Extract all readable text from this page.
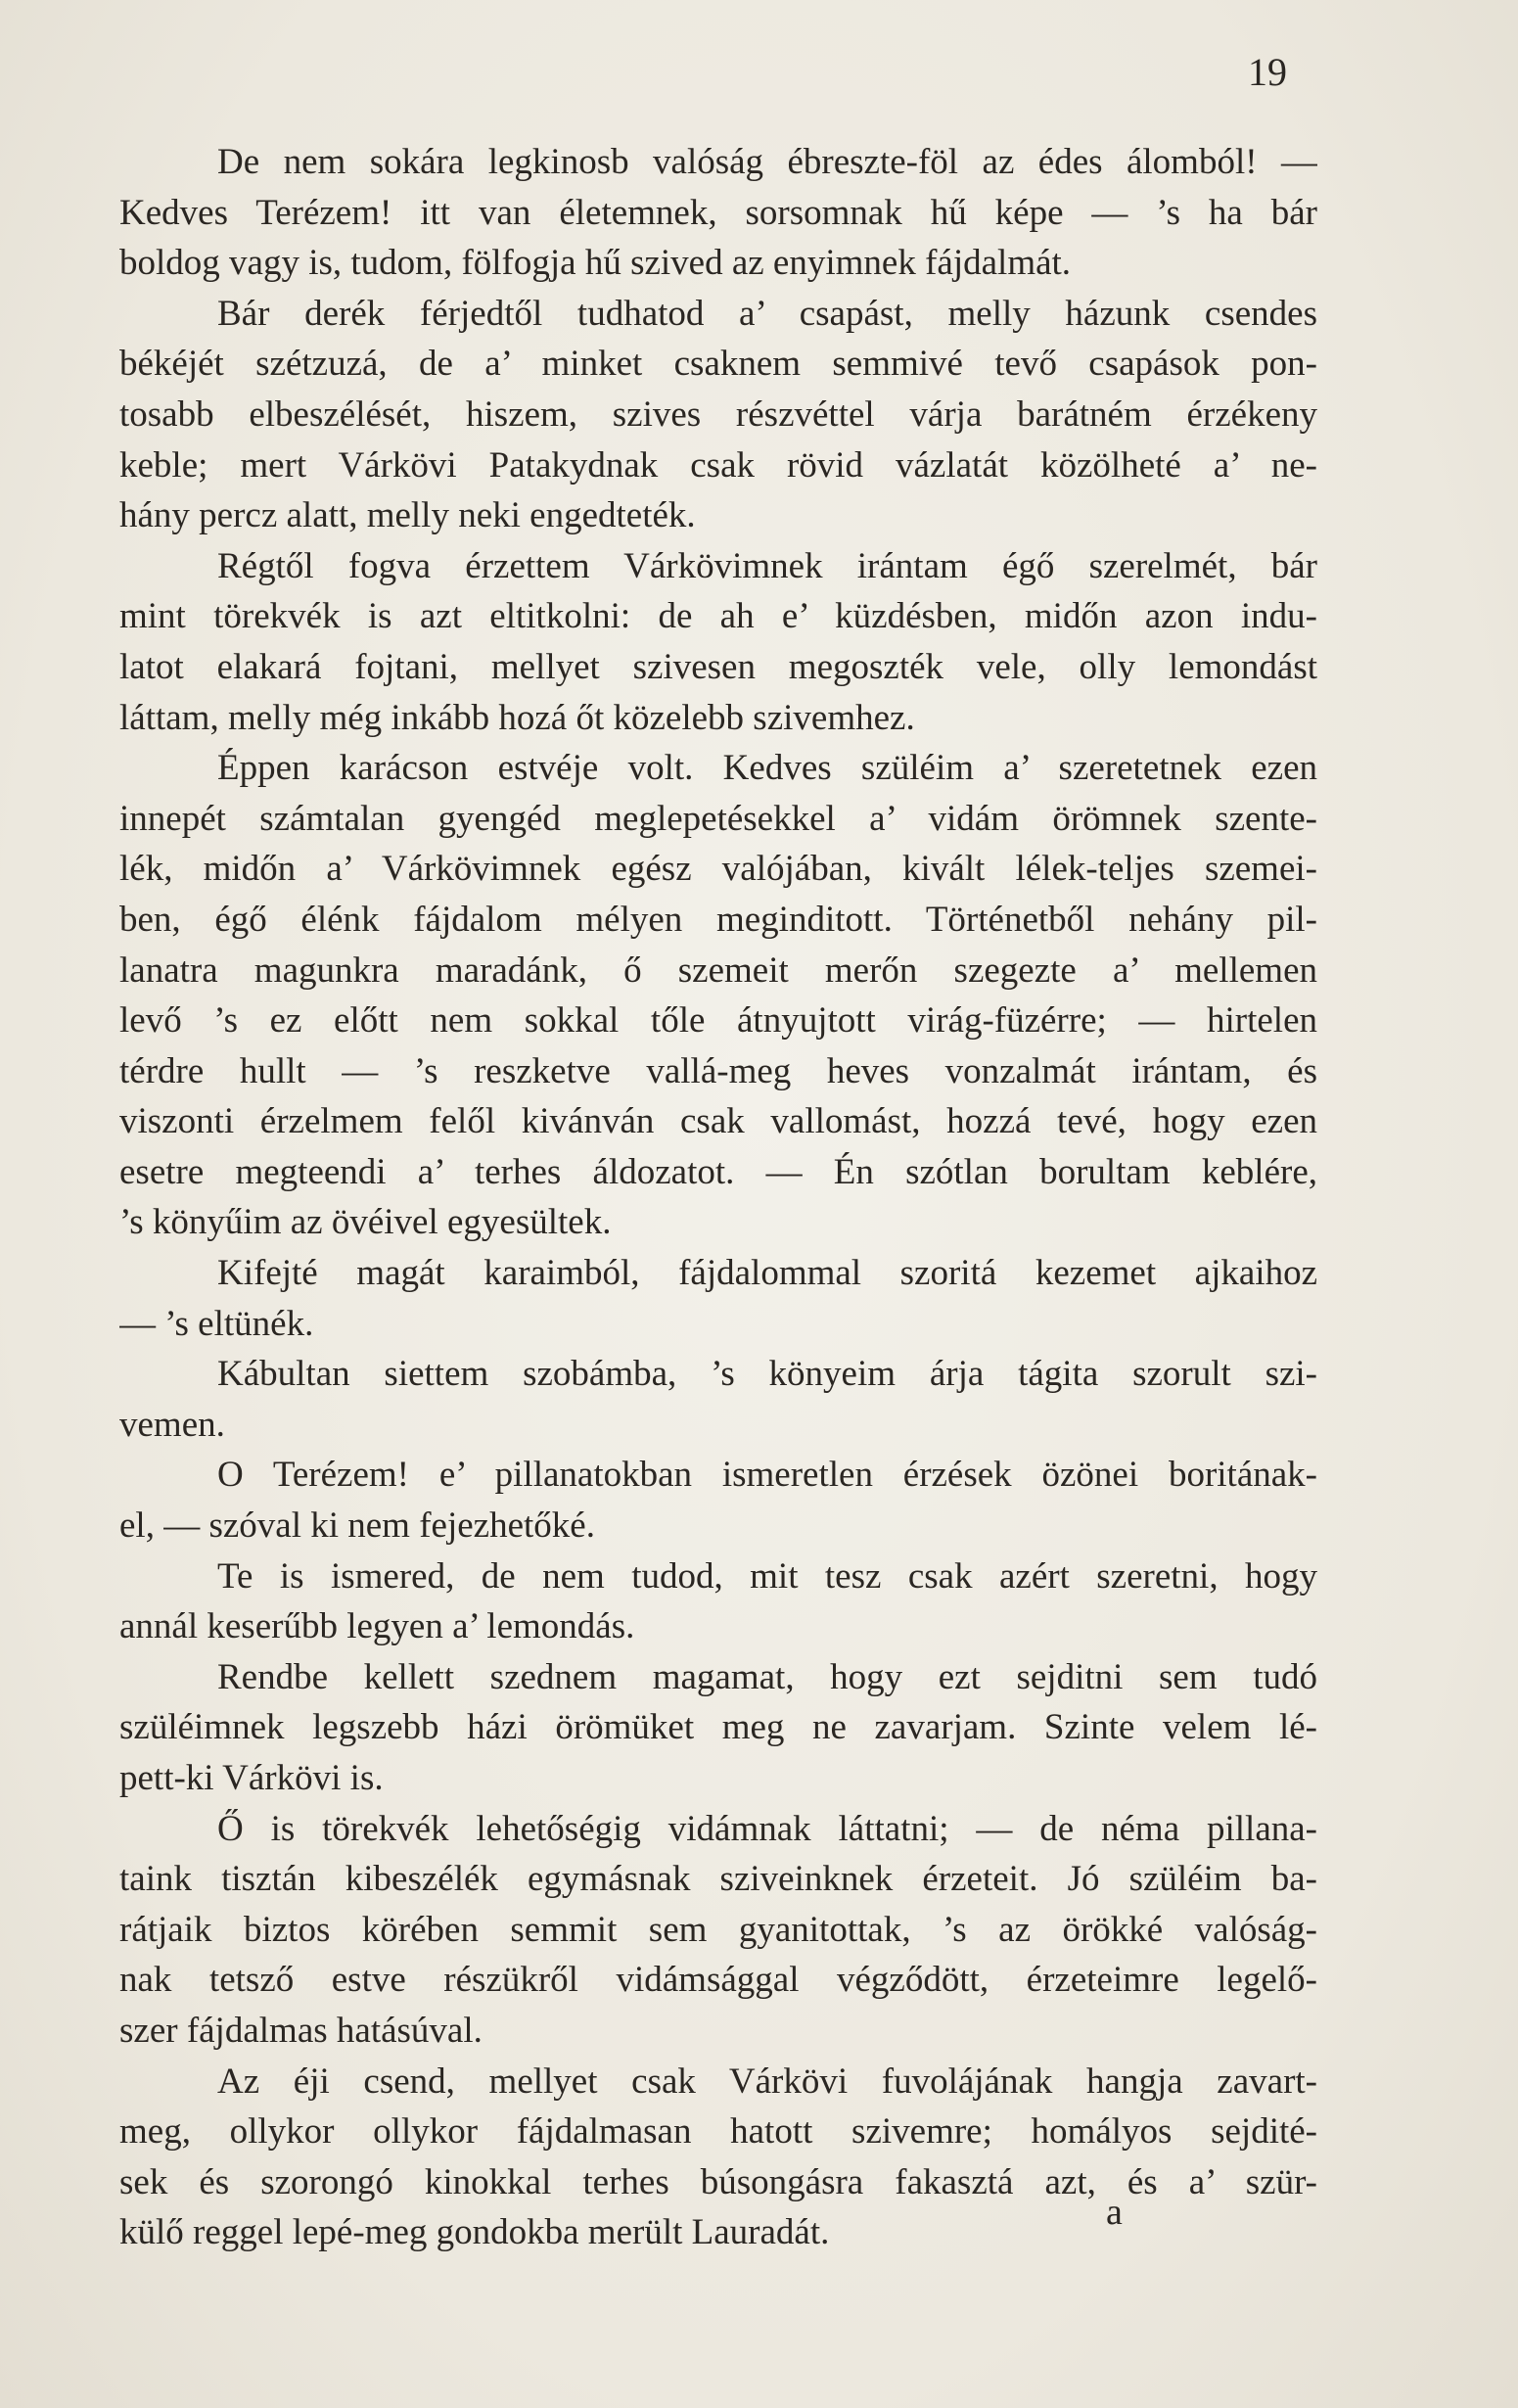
19
De nem sokára legkinosb valóság ébreszte-föl az édes álomból! —
Kedves Terézem! itt van életemnek, sorsomnak hű képe — ’s ha bár
boldog vagy is, tudom, fölfogja hű szived az enyimnek fájdalmát.
Bár derék férjedtől tudhatod a’ csapást, melly házunk csendes
békéjét szétzuzá, de a’ minket csaknem semmivé tevő csapások pon-
tosabb elbeszélését, hiszem, szives részvéttel várja barátném érzékeny
keble; mert Várkövi Patakydnak csak rövid vázlatát közölheté a’ ne-
hány percz alatt, melly neki engedteték.
Régtől fogva érzettem Várkövimnek irántam égő szerelmét, bár
mint törekvék is azt eltitkolni: de ah e’ küzdésben, midőn azon indu-
latot elakará fojtani, mellyet szivesen megoszték vele, olly lemondást
láttam, melly még inkább hozá őt közelebb szivemhez.
Éppen karácson estvéje volt. Kedves szüléim a’ szeretetnek ezen
innepét számtalan gyengéd meglepetésekkel a’ vidám örömnek szente-
lék, midőn a’ Várkövimnek egész valójában, kivált lélek-teljes szemei-
ben, égő élénk fájdalom mélyen meginditott. Történetből nehány pil-
lanatra magunkra maradánk, ő szemeit merőn szegezte a’ mellemen
levő ’s ez előtt nem sokkal tőle átnyujtott virág-füzérre; — hirtelen
térdre hullt — ’s reszketve vallá-meg heves vonzalmát irántam, és
viszonti érzelmem felől kivánván csak vallomást, hozzá tevé, hogy ezen
esetre megteendi a’ terhes áldozatot. — Én szótlan borultam keblére,
’s könyűim az övéivel egyesültek.
Kifejté magát karaimból, fájdalommal szoritá kezemet ajkaihoz
— ’s eltünék.
Kábultan siettem szobámba, ’s könyeim árja tágita szorult szi-
vemen.
O Terézem! e’ pillanatokban ismeretlen érzések özönei boritának-
el, — szóval ki nem fejezhetőké.
Te is ismered, de nem tudod, mit tesz csak azért szeretni, hogy
annál keserűbb legyen a’ lemondás.
Rendbe kellett szednem magamat, hogy ezt sejditni sem tudó
szüléimnek legszebb házi örömüket meg ne zavarjam. Szinte velem lé-
pett-ki Várkövi is.
Ő is törekvék lehetőségig vidámnak láttatni; — de néma pillana-
taink tisztán kibeszélék egymásnak sziveinknek érzeteit. Jó szüléim ba-
rátjaik biztos körében semmit sem gyanitottak, ’s az örökké valóság-
nak tetsző estve részükről vidámsággal végződött, érzeteimre legelő-
szer fájdalmas hatásúval.
Az éji csend, mellyet csak Várkövi fuvolájának hangja zavart-
meg, ollykor ollykor fájdalmasan hatott szivemre; homályos sejdité-
sek és szorongó kinokkal terhes búsongásra fakasztá azt, és a’ szür-
külő reggel lepé-meg gondokba merült Lauradát.	a
